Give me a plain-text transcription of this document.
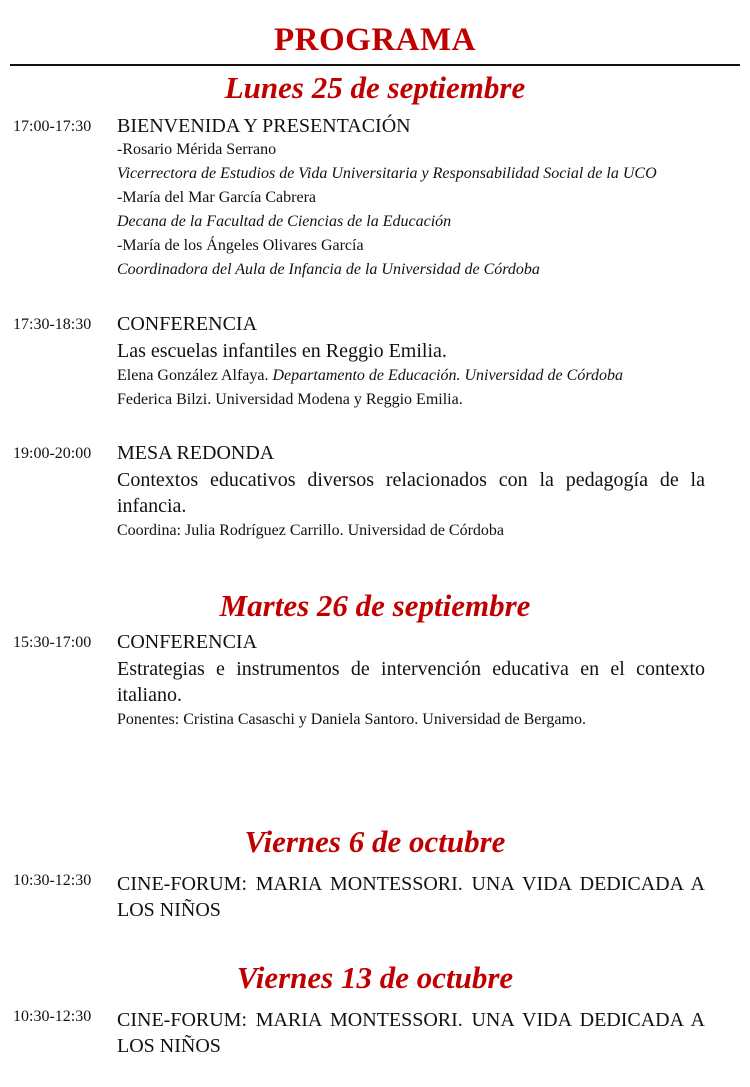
PROGRAMA
Lunes 25 de septiembre
17:00-17:30	BIENVENIDA Y PRESENTACIÓN
-Rosario Mérida Serrano
Vicerrectora de Estudios de Vida Universitaria y Responsabilidad Social de la UCO
-María del Mar García Cabrera
Decana de la Facultad de Ciencias de la Educación
-María de los Ángeles Olivares García
Coordinadora del Aula de Infancia de la Universidad de Córdoba
17:30-18:30	CONFERENCIA
Las escuelas infantiles en Reggio Emilia.
Elena González Alfaya. Departamento de Educación. Universidad de Córdoba
Federica Bilzi. Universidad Modena y Reggio Emilia.
19:00-20:00	MESA REDONDA
Contextos educativos diversos relacionados con la pedagogía de la infancia.
Coordina: Julia Rodríguez Carrillo. Universidad de Córdoba
Martes 26 de septiembre
15:30-17:00	CONFERENCIA
Estrategias e instrumentos de intervención educativa en el contexto italiano.
Ponentes: Cristina Casaschi y Daniela Santoro. Universidad de Bergamo.
Viernes 6 de octubre
10:30-12:30	CINE-FORUM: MARIA MONTESSORI. UNA VIDA DEDICADA A LOS NIÑOS
Viernes 13 de octubre
10:30-12:30	CINE-FORUM: MARIA MONTESSORI. UNA VIDA DEDICADA A LOS NIÑOS
